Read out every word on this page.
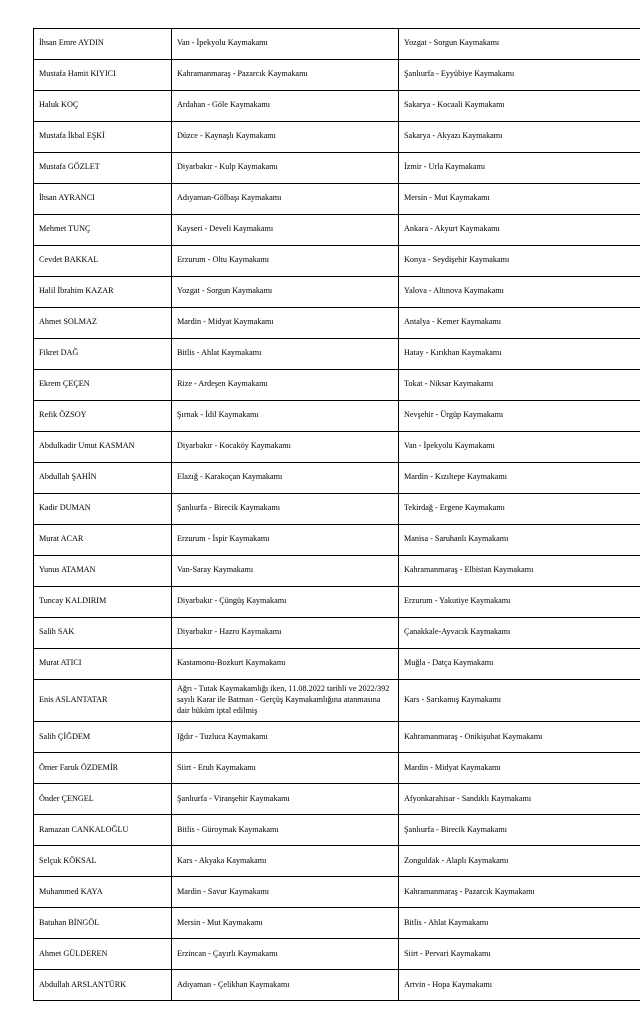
İhsan Emre AYDIN	Van - İpekyolu Kaymakamı	Yozgat - Sorgun Kaymakamı
Mustafa Hamit KIYICI	Kahramanmaraş - Pazarcık Kaymakamı	Şanlıurfa - Eyyübiye Kaymakamı
Haluk KOÇ	Ardahan - Göle Kaymakamı	Sakarya - Kocaali Kaymakamı
Mustafa İkbal EŞKİ	Düzce - Kaynaşlı Kaymakamı	Sakarya - Akyazı Kaymakamı
Mustafa GÖZLET	Diyarbakır - Kulp Kaymakamı	İzmir - Urla Kaymakamı
İhsan AYRANCI	Adıyaman-Gölbaşı Kaymakamı	Mersin - Mut Kaymakamı
Mehmet TUNÇ	Kayseri - Develi Kaymakamı	Ankara - Akyurt Kaymakamı
Cevdet BAKKAL	Erzurum - Oltu Kaymakamı	Konya - Seydişehir Kaymakamı
Halil İbrahim KAZAR	Yozgat - Sorgun Kaymakamı	Yalova - Altınova Kaymakamı
Ahmet SOLMAZ	Mardin - Midyat Kaymakamı	Antalya - Kemer Kaymakamı
Fikret DAĞ	Bitlis - Ahlat Kaymakamı	Hatay - Kırıkhan Kaymakamı
Ekrem ÇEÇEN	Rize - Ardeşen Kaymakamı	Tokat - Niksar Kaymakamı
Refik ÖZSOY	Şırnak - İdil Kaymakamı	Nevşehir - Ürgüp Kaymakamı
Abdulkadir Umut KASMAN	Diyarbakır - Kocaköy Kaymakamı	Van - İpekyolu Kaymakamı
Abdullah ŞAHİN	Elazığ - Karakoçan Kaymakamı	Mardin - Kızıltepe Kaymakamı
Kadir DUMAN	Şanlıurfa - Birecik Kaymakamı	Tekirdağ - Ergene Kaymakamı
Murat ACAR	Erzurum - İspir Kaymakamı	Manisa - Saruhanlı Kaymakamı
Yunus ATAMAN	Van-Saray Kaymakamı	Kahramanmaraş - Elbistan Kaymakamı
Tuncay KALDIRIM	Diyarbakır - Çüngüş Kaymakamı	Erzurum - Yakutiye Kaymakamı
Salih SAK	Diyarbakır - Hazro Kaymakamı	Çanakkale-Ayvacık Kaymakamı
Murat ATICI	Kastamonu-Bozkurt Kaymakamı	Muğla - Datça Kaymakamı
Enis ASLANTATAR	Ağrı - Tutak Kaymakamlığı iken, 11.08.2022 tarihli ve 2022/392 sayılı Karar ile Batman - Gerçüş Kaymakamlığına atanmasına dair hüküm iptal edilmiş	Kars - Sarıkamış Kaymakamı
Salih ÇİĞDEM	Iğdır - Tuzluca Kaymakamı	Kahramanmaraş - Onikişubat Kaymakamı
Ömer Faruk ÖZDEMİR	Siirt - Eruh Kaymakamı	Mardin - Midyat Kaymakamı
Önder ÇENGEL	Şanlıurfa - Viranşehir Kaymakamı	Afyonkarahisar - Sandıklı Kaymakamı
Ramazan CANKALOĞLU	Bitlis - Güroymak Kaymakamı	Şanlıurfa - Birecik Kaymakamı
Selçuk KÖKSAL	Kars - Akyaka Kaymakamı	Zonguldak - Alaplı Kaymakamı
Muhammed KAYA	Mardin - Savur Kaymakamı	Kahramanmaraş - Pazarcık Kaymakamı
Batuhan BİNGÖL	Mersin - Mut Kaymakamı	Bitlis - Ahlat Kaymakamı
Ahmet GÜLDEREN	Erzincan - Çayırlı Kaymakamı	Siirt - Pervari Kaymakamı
Abdullah ARSLANTÜRK	Adıyaman - Çelikhan Kaymakamı	Artvin - Hopa Kaymakamı
